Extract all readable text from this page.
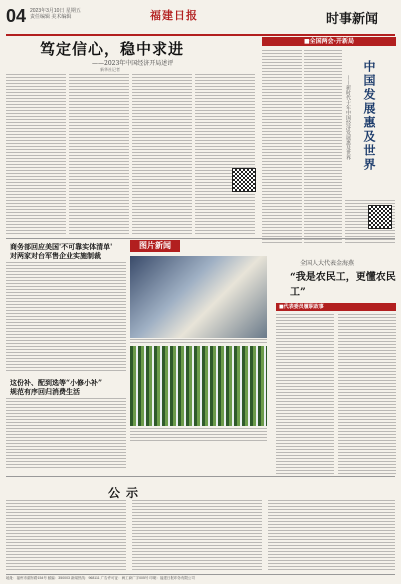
04 2023年3月10日 星期五
责任编辑 美术编辑	福建日报	时事新闻
笃定信心，稳中求进
——2023年中国经济开局述评
新华社记者
■全国两会·开新局
中国发展惠及世界
——新时代十年中国经济发展惠及世界
商务部回应美国'不可靠实体清单'
对两家对台军售企业实施制裁
这份补、配到选等“小修小补”
规范有序回归消费生活
图片新闻
全国人大代表金海燕
“我是农民工，更懂农民工”
■代表委员履职故事
公示
地址：福州市湖东路154号 邮编：350003 新闻热线：968111 广告许可证：闽工商广字005号 印刷：福建日报印务有限公司
